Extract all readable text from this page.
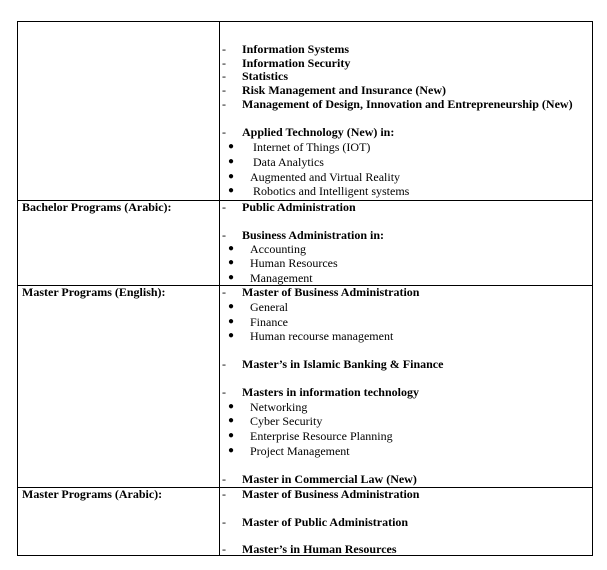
- Information Systems
- Information Security
- Statistics
- Risk Management and Insurance (New)
- Management of Design, Innovation and Entrepreneurship (New)
- Applied Technology (New) in:
● Internet of Things (IOT)
● Data Analytics
● Augmented and Virtual Reality
● Robotics and Intelligent systems
Bachelor Programs (Arabic):	- Public Administration
- Business Administration in:
● Accounting
● Human Resources
● Management
Master Programs (English):	- Master of Business Administration
● General
● Finance
● Human recourse management
- Master’s in Islamic Banking & Finance
- Masters in information technology
● Networking
● Cyber Security
● Enterprise Resource Planning
● Project Management
- Master in Commercial Law (New)
Master Programs (Arabic):	- Master of Business Administration
- Master of Public Administration
- Master’s in Human Resources
